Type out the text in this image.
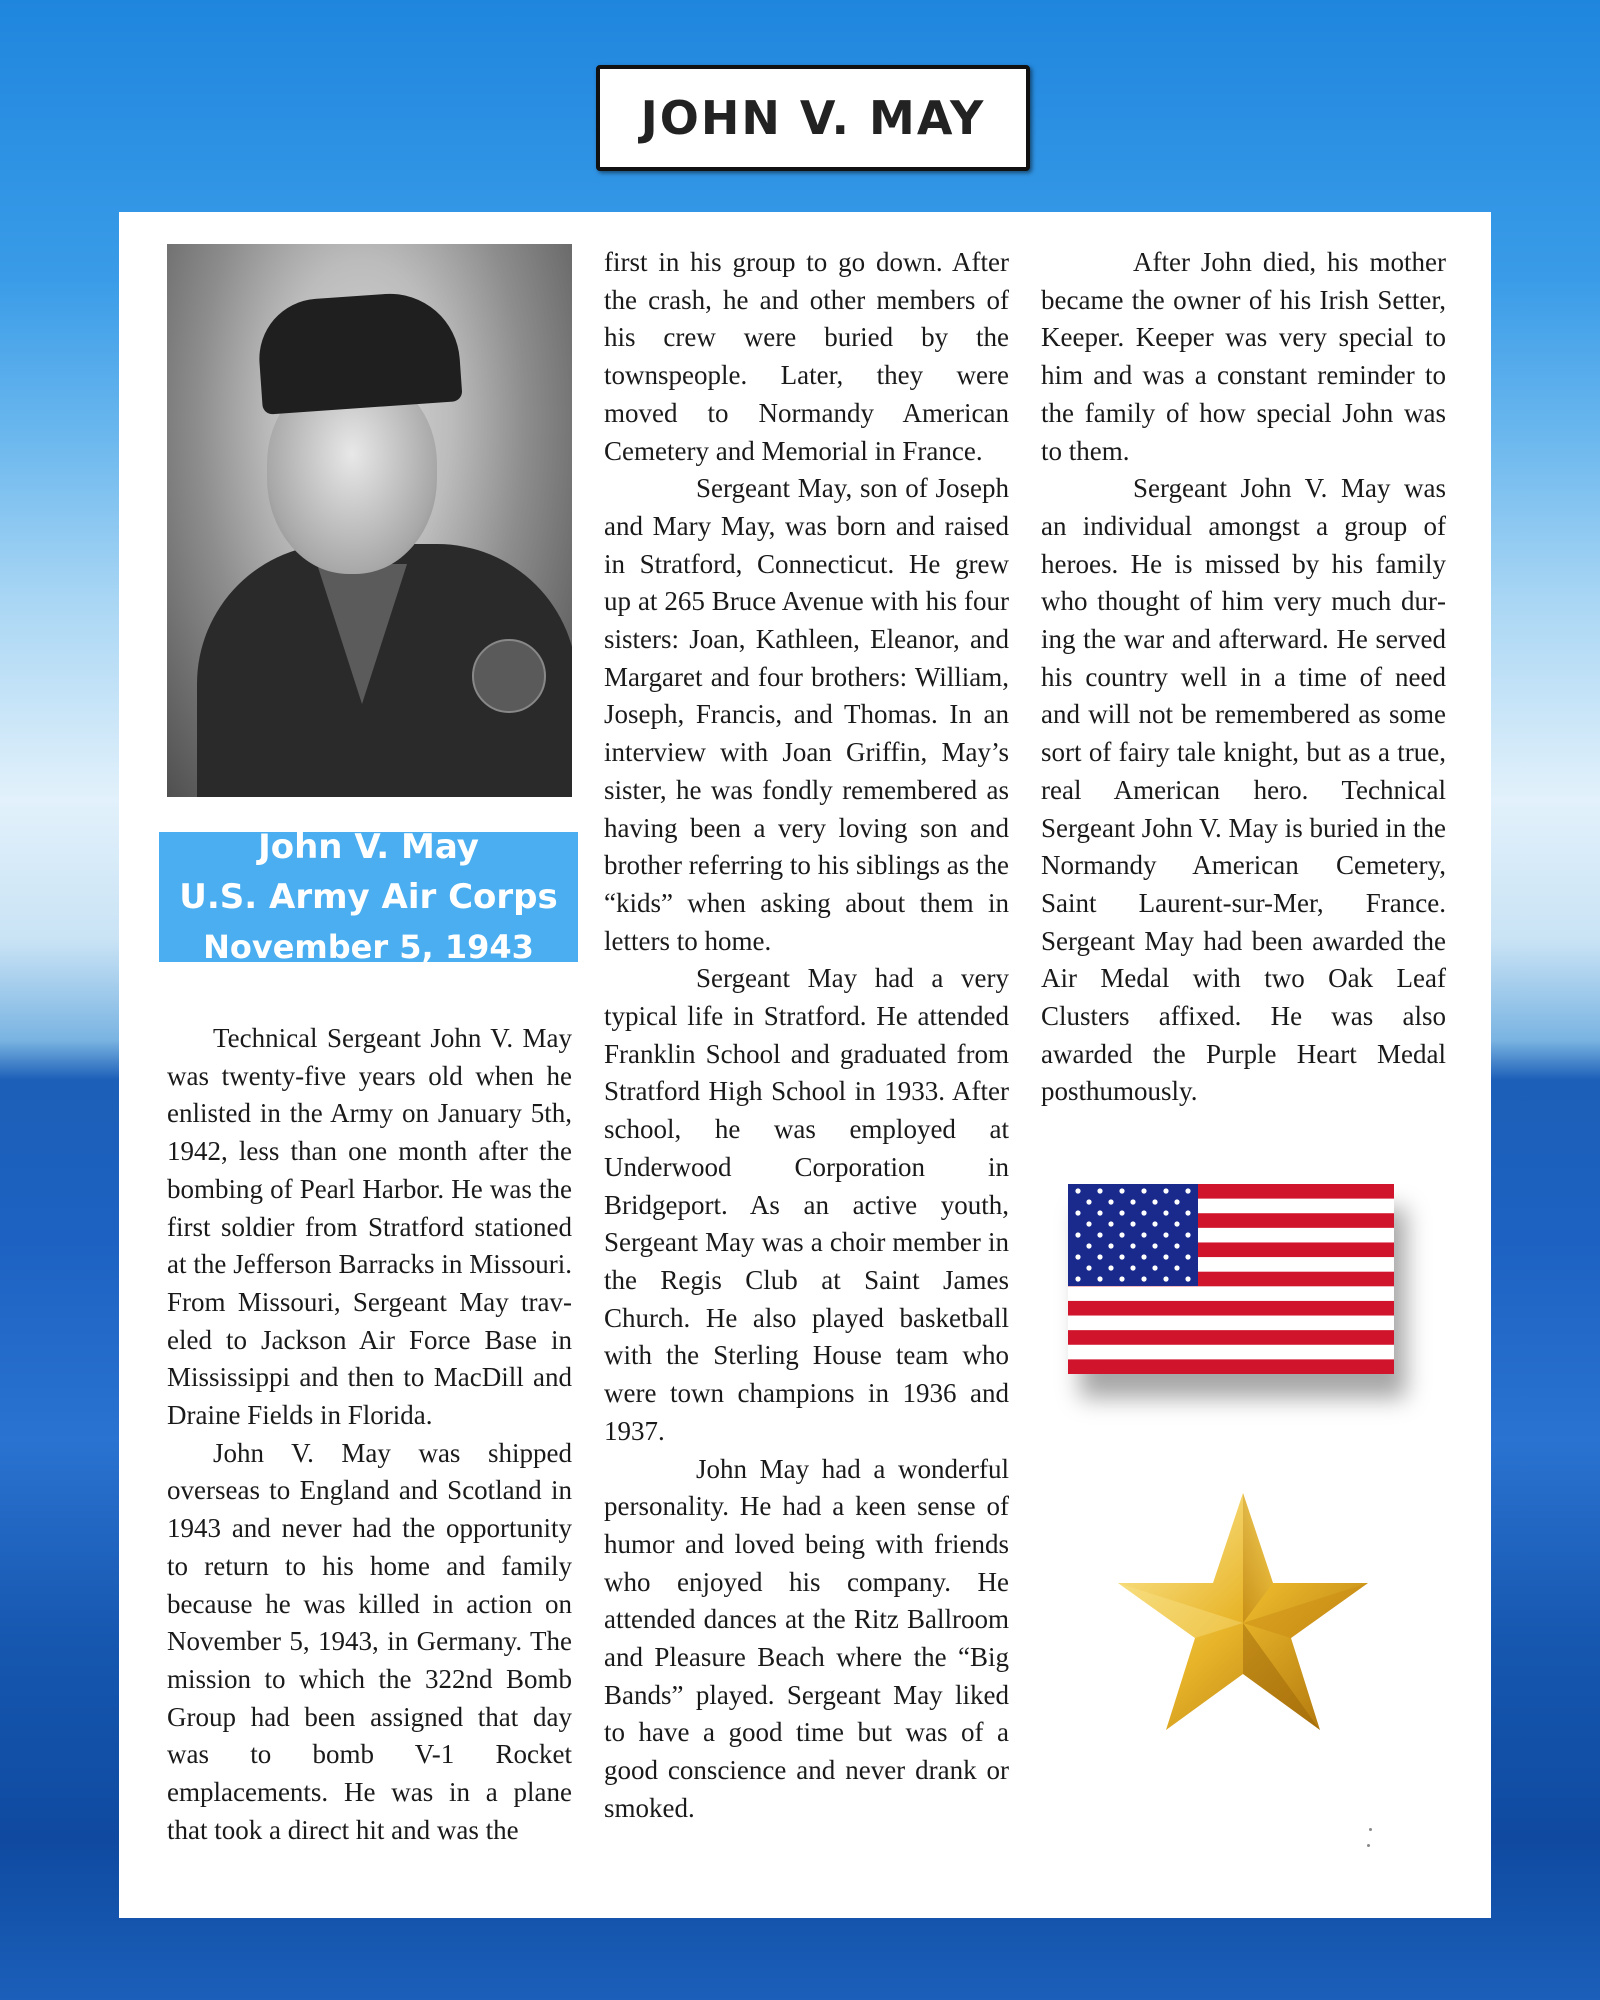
JOHN V. MAY
John V. May
U.S. Army Air Corps
November 5, 1943

Technical Sergeant John V. May was twenty-five years old when he enlisted in the Army on January 5th, 1942, less than one month after the bombing of Pearl Harbor. He was the first soldier from Stratford stationed at the Jefferson Barracks in Missouri. From Missouri, Sergeant May traveled to Jackson Air Force Base in Mississippi and then to MacDill and Draine Fields in Florida.

John V. May was shipped overseas to England and Scotland in 1943 and never had the opportunity to return to his home and family because he was killed in action on November 5, 1943, in Germany. The mission to which the 322nd Bomb Group had been assigned that day was to bomb V-1 Rocket emplacements. He was in a plane that took a direct hit and was the

first in his group to go down. After the crash, he and other members of his crew were buried by the townspeople. Later, they were moved to Normandy American Cemetery and Memorial in France.

Sergeant May, son of Joseph and Mary May, was born and raised in Stratford, Connecticut. He grew up at 265 Bruce Avenue with his four sisters: Joan, Kathleen, Eleanor, and Margaret and four brothers: William, Joseph, Francis, and Thomas. In an interview with Joan Griffin, May’s sister, he was fondly remembered as having been a very loving son and brother referring to his siblings as the “kids” when asking about them in letters to home.

Sergeant May had a very typical life in Stratford. He attended Franklin School and graduated from Stratford High School in 1933. After school, he was employed at Underwood Corporation in Bridgeport. As an active youth, Sergeant May was a choir member in the Regis Club at Saint James Church. He also played basketball with the Sterling House team who were town champions in 1936 and 1937.

John May had a wonderful personality. He had a keen sense of humor and loved being with friends who enjoyed his company. He attended dances at the Ritz Ballroom and Pleasure Beach where the “Big Bands” played. Sergeant May liked to have a good time but was of a good conscience and never drank or smoked.

After John died, his mother became the owner of his Irish Setter, Keeper. Keeper was very special to him and was a constant reminder to the family of how special John was to them.

Sergeant John V. May was an individual amongst a group of heroes. He is missed by his family who thought of him very much during the war and afterward. He served his country well in a time of need and will not be remembered as some sort of fairy tale knight, but as a true, real American hero. Technical Sergeant John V. May is buried in the Normandy American Cemetery, Saint Laurent-sur-Mer, France. Sergeant May had been awarded the Air Medal with two Oak Leaf Clusters affixed. He was also awarded the Purple Heart Medal posthumously.
